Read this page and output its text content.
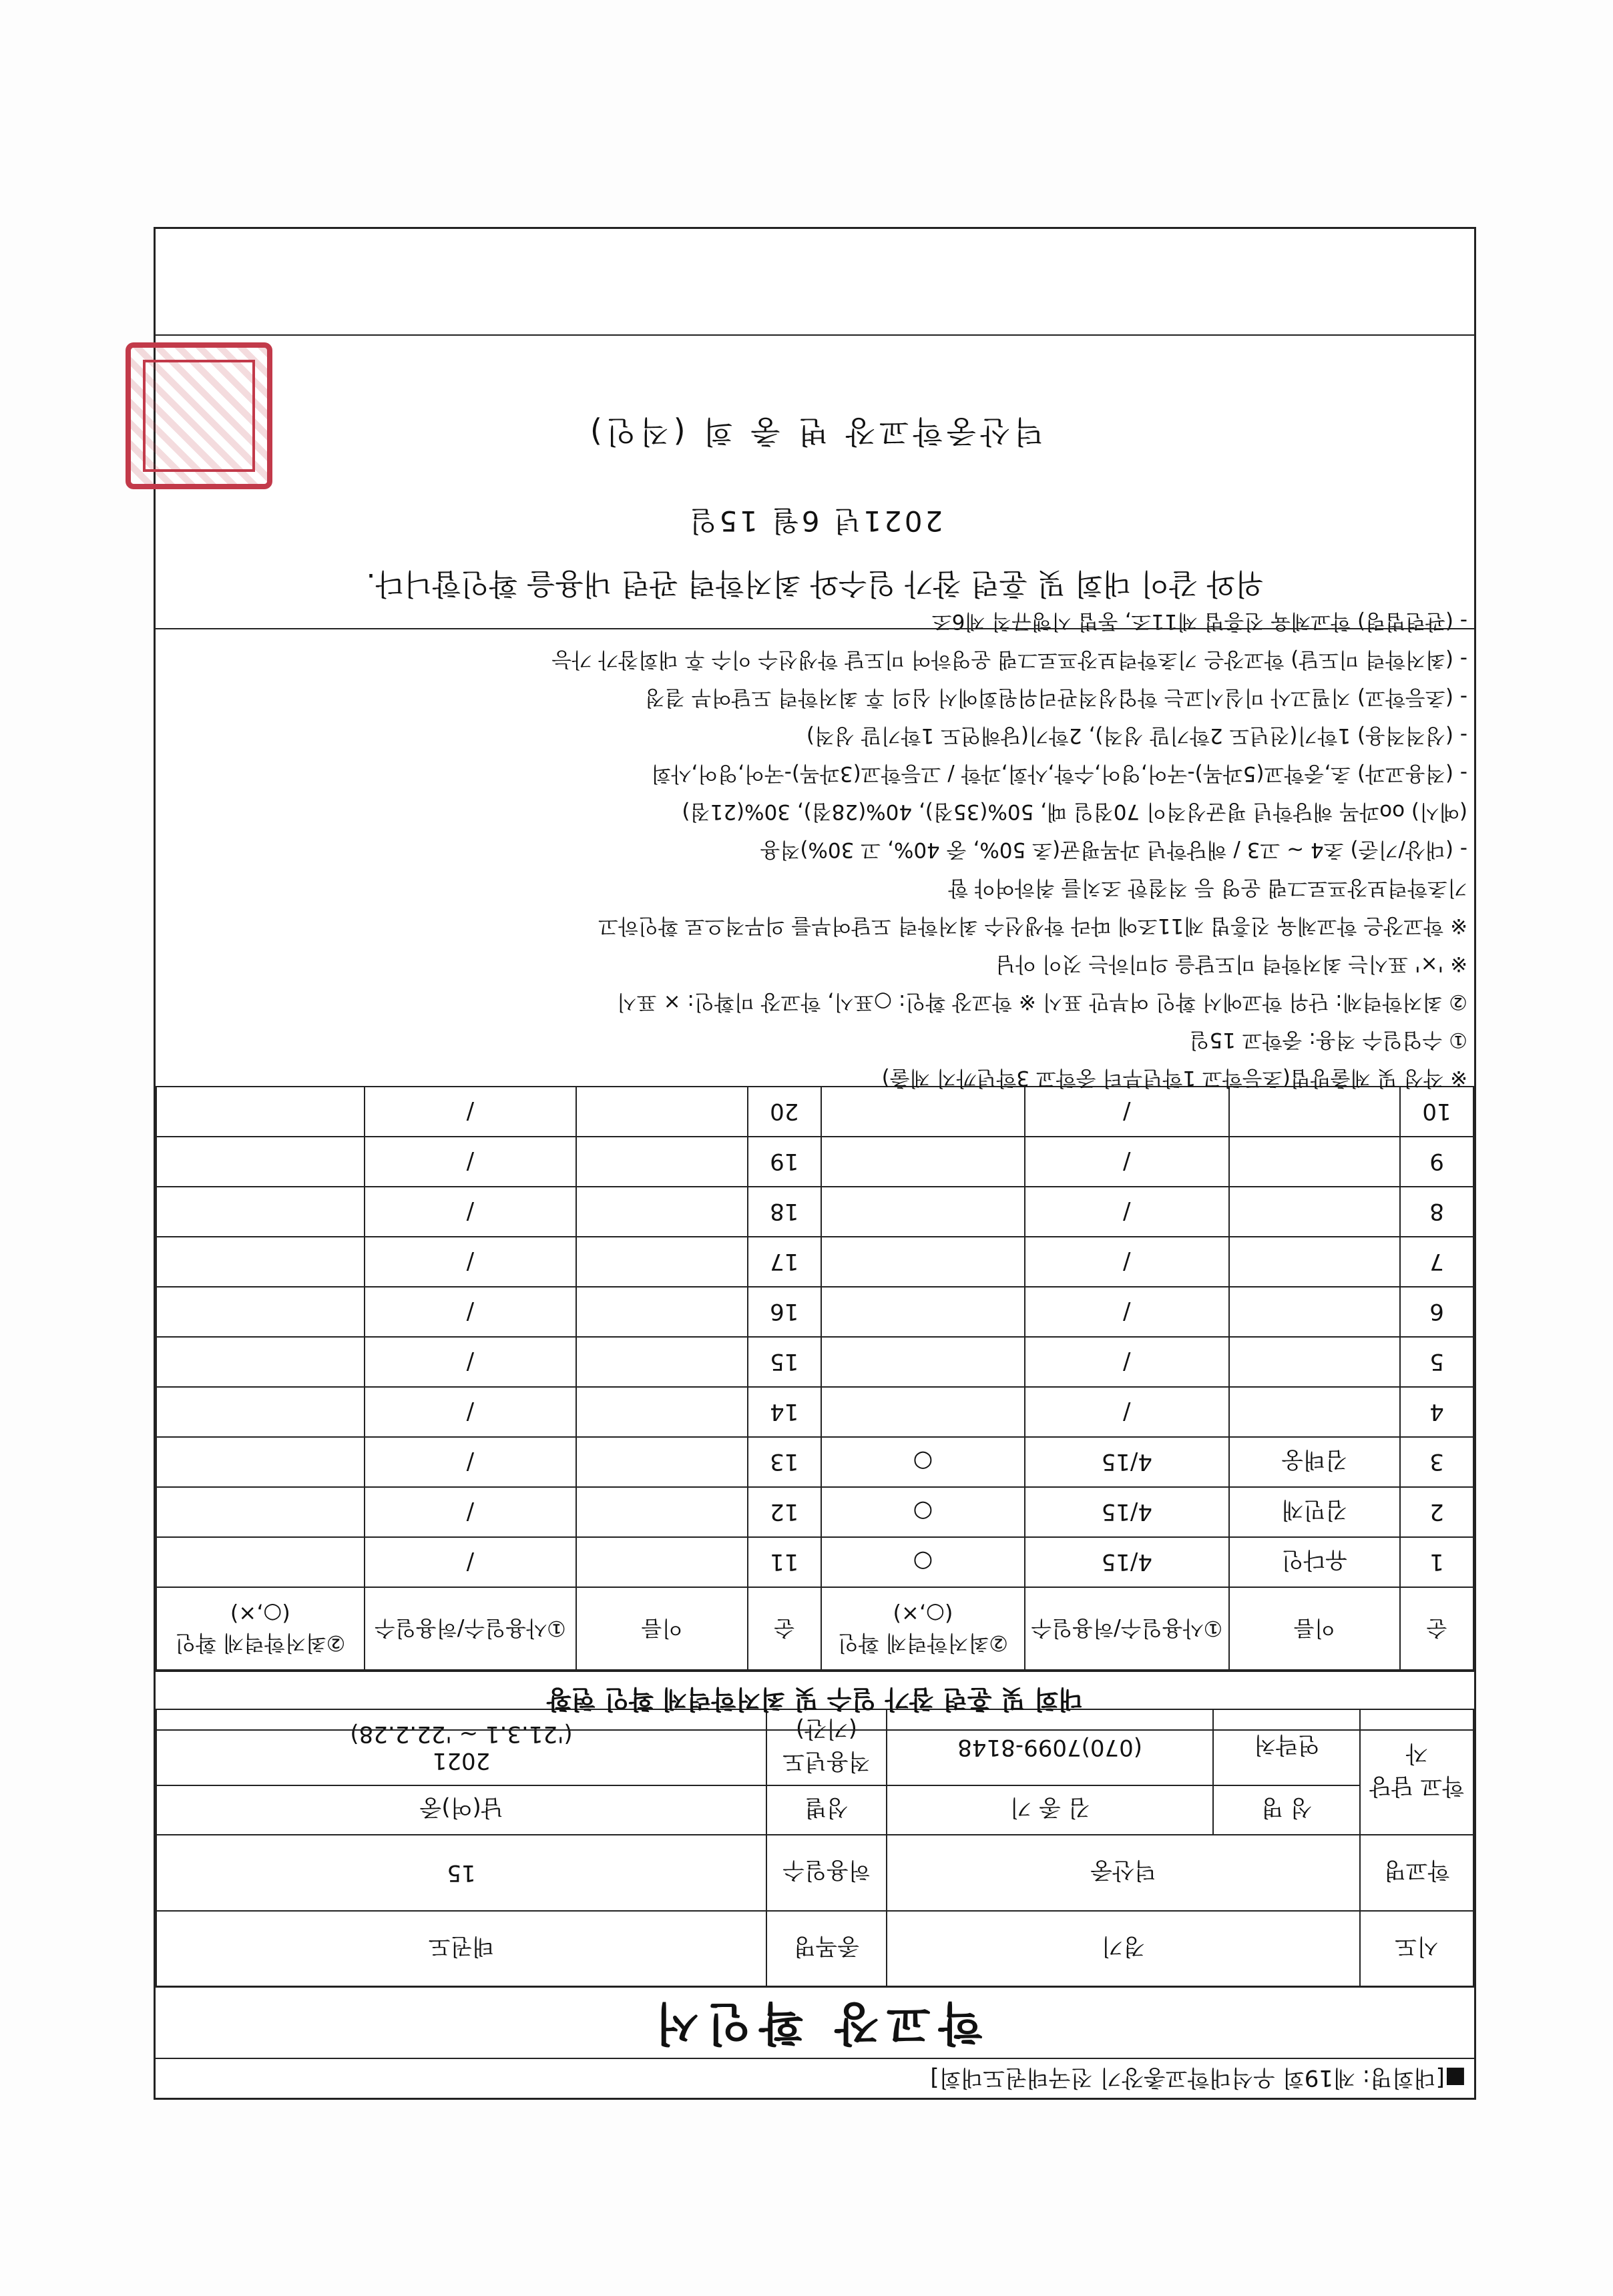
■[대회명: 제19회 우석대학교총장기 전국태권도대회]
학교장 확인서
시도	경기		종목명	태권도
학교명	덕산중		허용일수	15
학교 담당자	성 명	김 종 기	성별	남(여)중
	연락처	(070)7099-8148	적용년도 (기간)	2021
('21.3.1 ~ '22.2.28)
대회 및 훈련 참가 일수 및 최저학력제 확인 현황
순	이름	①사용일수/허용일수	②최저학력제 확인(○,×)	순	이름	①사용일수/허용일수	②최저학력제 확인(○,×)
1	유다인	4/15	○	11		/	
2	김민재	4/15	○	12		/	
3	김태웅	4/15	○	13		/	
4		/		14		/	
5		/		15		/	
6		/		16		/	
7		/		17		/	
8		/		18		/	
9		/		19		/	
10		/		20		/	
※ 작성 및 제출방법(초등학교 1학년부터 중학교 3학년까지 제출)
① 수업일수 적용: 중학교 15일
② 최저학력제: 단위 학교에서 확인 여부만 표시 ※ 학교장 확인: ○표시, 학교장 미확인: × 표시
※ '×' 표시는 최저학력 미도달을 의미하는 것이 아님
※ 학교장은 학교체육 진흥법 제11조에 따라 학생선수 최저학력 도달여부를 의무적으로 확인하고
기초학력보장프로그램 운영 등 적절한 조치를 취하여야 함
- (대상/기준) 초4 ~ 고3 / 해당학년 과목평균(초 50%, 중 40%, 고 30%)적용
(예시) oo과목 해당학년 평균성적이 70점일 때, 50%(35점), 40%(28점), 30%(21점)
- (적용교과) 초,중학교(5과목)-국어,영어,수학,사회,과학 / 고등학교(3과목)-국어,영어,사회
- (성적적용) 1학기(전년도 2학기말 성적), 2학기(당해연도 1학기말 성적)
- (초등학교) 지필고사 미실시교는 학업성적관리위원회에서 심의 후 최저학력 도달여부 결정
- (최저학력 미도달) 학교장은 기초학력보장프로그램 운영하여 미도달 학생선수 이수 후 대회참가 가능
- (관련법령) 학교체육 진흥법 제11조, 동법 시행규칙 제6조
위와 같이 대회 및 훈련 참가 일수와 최저학력 관련 내용을 확인합니다.
2021년 6월 15일
덕산중학교장 변 충 희 (직인)
